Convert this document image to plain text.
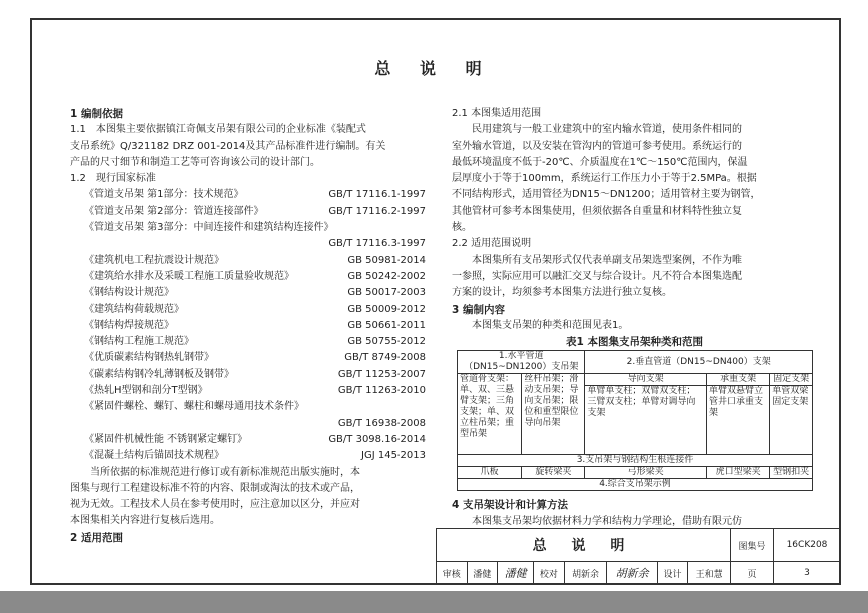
总 说 明
1 编制依据
1.1　本图集主要依据镇江奇佩支吊架有限公司的企业标准《装配式
支吊系统》Q/321182 DRZ 001-2014及其产品标准件进行编制。有关
产品的尺寸细节和制造工艺等可咨询该公司的设计部门。
1.2　现行国家标准
《管道支吊架 第1部分：技术规范》	GB/T 17116.1-1997
《管道支吊架 第2部分：管道连接部件》	GB/T 17116.2-1997
《管道支吊架 第3部分：中间连接件和建筑结构连接件》
GB/T 17116.3-1997
《建筑机电工程抗震设计规范》	GB 50981-2014
《建筑给水排水及采暖工程施工质量验收规范》	GB 50242-2002
《钢结构设计规范》	GB 50017-2003
《建筑结构荷载规范》	GB 50009-2012
《钢结构焊接规范》	GB 50661-2011
《钢结构工程施工规范》	GB 50755-2012
《优质碳素结构钢热轧钢带》	GB/T 8749-2008
《碳素结构钢冷轧薄钢板及钢带》	GB/T 11253-2007
《热轧H型钢和剖分T型钢》	GB/T 11263-2010
《紧固件螺栓、螺钉、螺柱和螺母通用技术条件》
GB/T 16938-2008
《紧固件机械性能 不锈钢紧定螺钉》	GB/T 3098.16-2014
《混凝土结构后锚固技术规程》	JGJ 145-2013
当所依据的标准规范进行修订或有新标准规范出版实施时，本
图集与现行工程建设标准不符的内容、限制或淘汰的技术或产品，
视为无效。工程技术人员在参考使用时，应注意加以区分，并应对
本图集相关内容进行复核后选用。
2 适用范围
2.1 本图集适用范围
民用建筑与一般工业建筑中的室内输水管道，使用条件相同的
室外输水管道，以及安装在管沟内的管道可参考使用。系统运行的
最低环境温度不低于-20℃、介质温度在1℃～150℃范围内，保温
层厚度小于等于100mm，系统运行工作压力小于等于2.5MPa。根据
不同结构形式，适用管径为DN15～DN1200；适用管材主要为钢管，
其他管材可参考本图集使用，但须依据各自重量和材料特性独立复
核。
2.2 适用范围说明
本图集所有支吊架形式仅代表单副支吊架选型案例，不作为唯
一参照，实际应用可以融汇交叉与综合设计。凡不符合本图集选配
方案的设计，均须参考本图集方法进行独立复核。
3 编制内容
本图集支吊架的种类和范围见表1。
表1 本图集支吊架种类和范围
1.水平管道（DN15~DN1200）支吊架		2.垂直管道（DN15~DN400）支架		
管道骨支架：单、双、三悬臂支架；三角支架；单、双立柱吊架；重型吊架	丝杆吊架；滑动支吊架；导向支吊架；限位和重型限位导向吊架	导向支架	承重支架	固定支架
		单臂单支柱；双臂双支柱；三臂双支柱；单臂对调导向支架	单臂双悬臂立管井口承重支架	单管双梁固定支架
3.支吊架与钢结构生根连接件				
爪板	旋转梁夹	弓形梁夹	虎口型梁夹	型钢扣夹
4.综合支吊架示例				
4 支吊架设计和计算方法
本图集支吊架均依据材料力学和结构力学理论，借助有限元仿
总 说 明								图集号	16CK208
审核	潘健	潘健	校对	胡新余	胡新余	设计	王和慧	页	3
